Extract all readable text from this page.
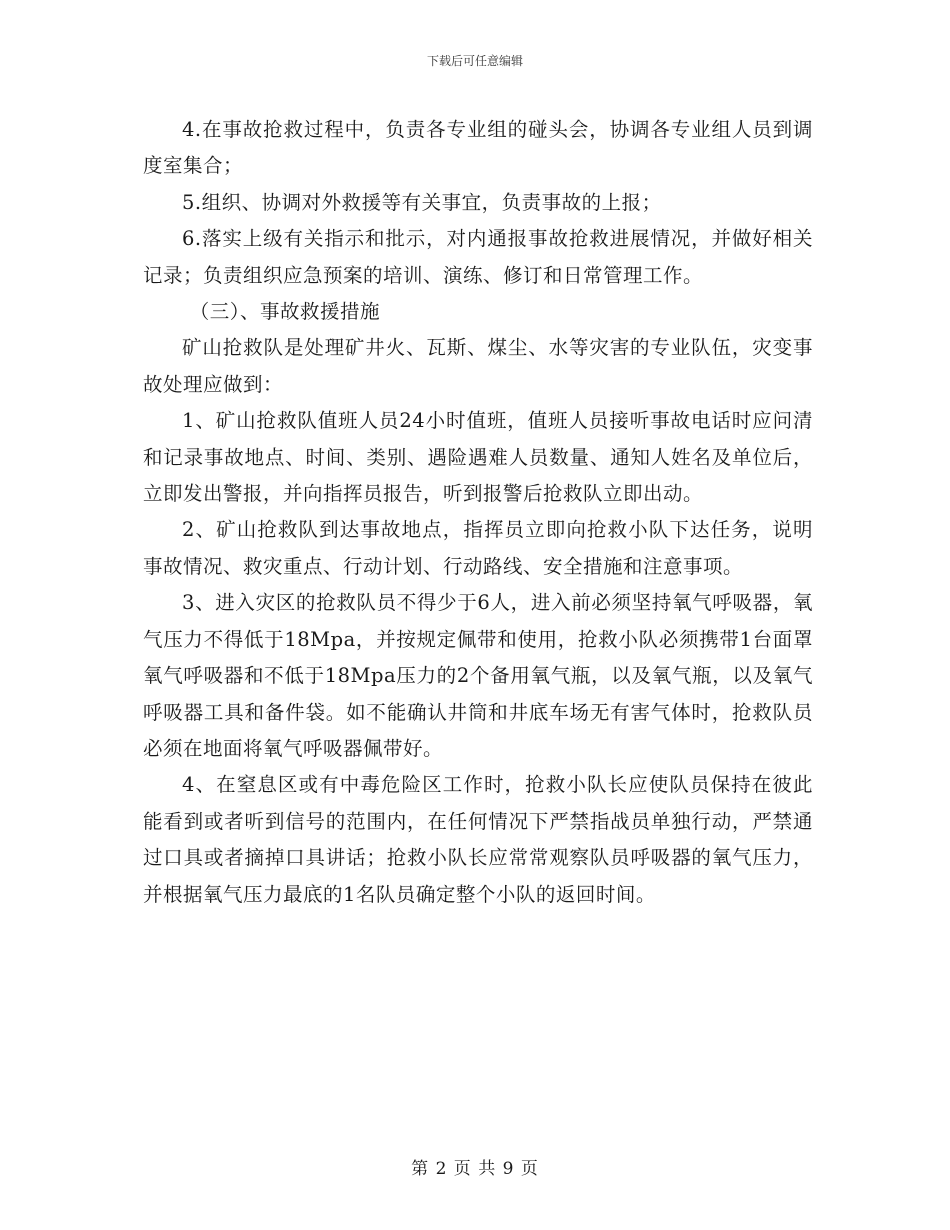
下载后可任意编辑

4.在事故抢救过程中，负责各专业组的碰头会，协调各专业组人员到调度室集合；

5.组织、协调对外救援等有关事宜，负责事故的上报；

6.落实上级有关指示和批示，对内通报事故抢救进展情况，并做好相关记录；负责组织应急预案的培训、演练、修订和日常管理工作。

（三）、事故救援措施

矿山抢救队是处理矿井火、瓦斯、煤尘、水等灾害的专业队伍，灾变事故处理应做到：

1、矿山抢救队值班人员24小时值班，值班人员接听事故电话时应问清和记录事故地点、时间、类别、遇险遇难人员数量、通知人姓名及单位后，立即发出警报，并向指挥员报告，听到报警后抢救队立即出动。

2、矿山抢救队到达事故地点，指挥员立即向抢救小队下达任务，说明事故情况、救灾重点、行动计划、行动路线、安全措施和注意事项。

3、进入灾区的抢救队员不得少于6人，进入前必须坚持氧气呼吸器，氧气压力不得低于18Mpa，并按规定佩带和使用，抢救小队必须携带1台面罩氧气呼吸器和不低于18Mpa压力的2个备用氧气瓶，以及氧气瓶，以及氧气呼吸器工具和备件袋。如不能确认井筒和井底车场无有害气体时，抢救队员必须在地面将氧气呼吸器佩带好。

4、在窒息区或有中毒危险区工作时，抢救小队长应使队员保持在彼此能看到或者听到信号的范围内，在任何情况下严禁指战员单独行动，严禁通过口具或者摘掉口具讲话；抢救小队长应常常观察队员呼吸器的氧气压力，并根据氧气压力最底的1名队员确定整个小队的返回时间。

第 2 页 共 9 页
